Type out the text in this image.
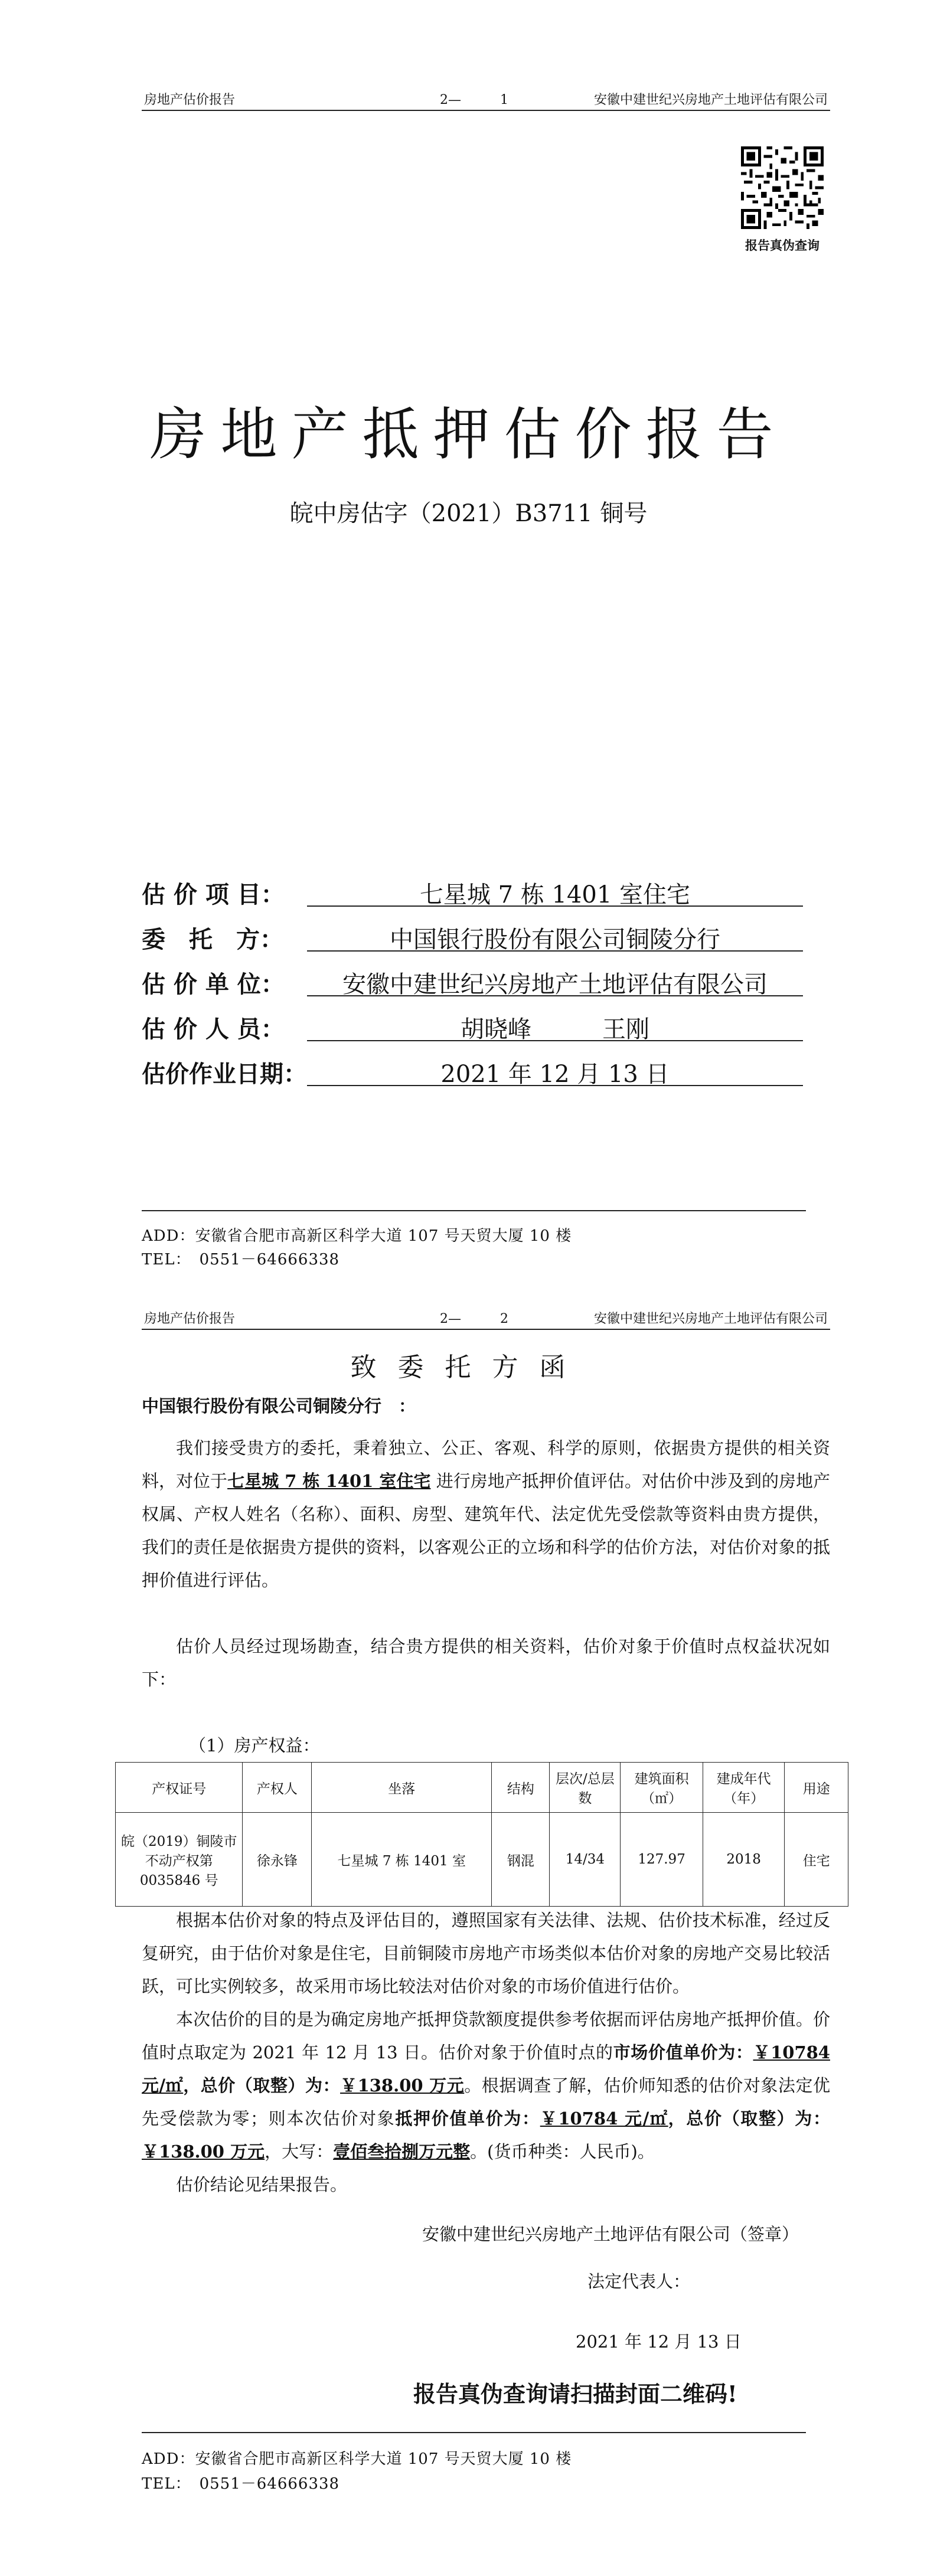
房地产估价报告	2—　　　1	安徽中建世纪兴房地产土地评估有限公司
报告真伪查询
房地产抵押估价报告
皖中房估字（2021）B3711 铜号
估 价 项 目：	七星城 7 栋 1401 室住宅
委　托　方：	中国银行股份有限公司铜陵分行
估 价 单 位：	安徽中建世纪兴房地产土地评估有限公司
估 价 人 员：	胡晓峰　　　王刚
估价作业日期：	2021 年 12 月 13 日
ADD：安徽省合肥市高新区科学大道 107 号天贸大厦 10 楼
TEL：　0551－64666338
房地产估价报告	2—　　　2	安徽中建世纪兴房地产土地评估有限公司
致委托方函
中国银行股份有限公司铜陵分行　：

我们接受贵方的委托，秉着独立、公正、客观、科学的原则，依据贵方提供的相关资料，对位于七星城 7 栋 1401 室住宅 进行房地产抵押价值评估。对估价中涉及到的房地产权属、产权人姓名（名称）、面积、房型、建筑年代、法定优先受偿款等资料由贵方提供，我们的责任是依据贵方提供的资料，以客观公正的立场和科学的估价方法，对估价对象的抵押价值进行评估。

估价人员经过现场勘查，结合贵方提供的相关资料，估价对象于价值时点权益状况如下：

（1）房产权益：
产权证号	产权人	坐落	结构	层次/总层数	建筑面积（㎡）	建成年代（年）	用途
皖（2019）铜陵市不动产权第0035846 号	徐永锋	七星城 7 栋 1401 室	钢混	14/34	127.97	2018	住宅

根据本估价对象的特点及评估目的，遵照国家有关法律、法规、估价技术标准，经过反复研究，由于估价对象是住宅，目前铜陵市房地产市场类似本估价对象的房地产交易比较活跃，可比实例较多，故采用市场比较法对估价对象的市场价值进行估价。

本次估价的目的是为确定房地产抵押贷款额度提供参考依据而评估房地产抵押价值。价值时点取定为 2021 年 12 月 13 日。估价对象于价值时点的市场价值单价为：￥10784 元/㎡，总价（取整）为：￥138.00 万元。根据调查了解，估价师知悉的估价对象法定优先受偿款为零；则本次估价对象抵押价值单价为：￥10784 元/㎡，总价（取整）为：￥138.00 万元，大写：壹佰叁拾捌万元整。(货币种类：人民币)。

估价结论见结果报告。

安徽中建世纪兴房地产土地评估有限公司（签章）
法定代表人：
2021 年 12 月 13 日
报告真伪查询请扫描封面二维码!
ADD：安徽省合肥市高新区科学大道 107 号天贸大厦 10 楼
TEL：　0551－64666338
